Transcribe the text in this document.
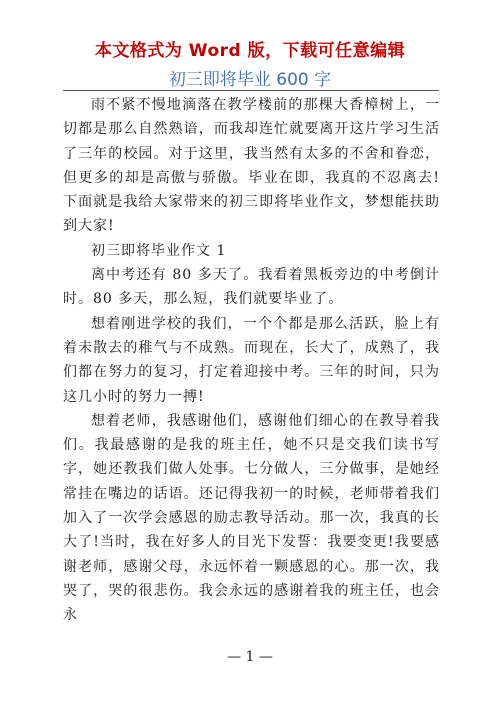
本文格式为 Word 版，下载可任意编辑
初三即将毕业 600 字

雨不紧不慢地滴落在教学楼前的那棵大香樟树上，一切都是那么自然熟谙，而我却连忙就要离开这片学习生活了三年的校园。对于这里，我当然有太多的不舍和眷恋，但更多的却是高傲与骄傲。毕业在即，我真的不忍离去!下面就是我给大家带来的初三即将毕业作文，梦想能扶助到大家!

初三即将毕业作文 1

离中考还有 80 多天了。我看着黑板旁边的中考倒计时。80 多天，那么短，我们就要毕业了。

想着刚进学校的我们，一个个都是那么活跃，脸上有着未散去的稚气与不成熟。而现在，长大了，成熟了，我们都在努力的复习，打定着迎接中考。三年的时间，只为这几小时的努力一搏!

想着老师，我感谢他们，感谢他们细心的在教导着我们。我最感谢的是我的班主任，她不只是交我们读书写字，她还教我们做人处事。七分做人，三分做事，是她经常挂在嘴边的话语。还记得我初一的时候，老师带着我们加入了一次学会感恩的励志教导活动。那一次，我真的长大了!当时，我在好多人的目光下发誓：我要变更!我要感谢老师，感谢父母，永远怀着一颗感恩的心。那一次，我哭了，哭的很悲伤。我会永远的感谢着我的班主任，也会永

— 1 —
